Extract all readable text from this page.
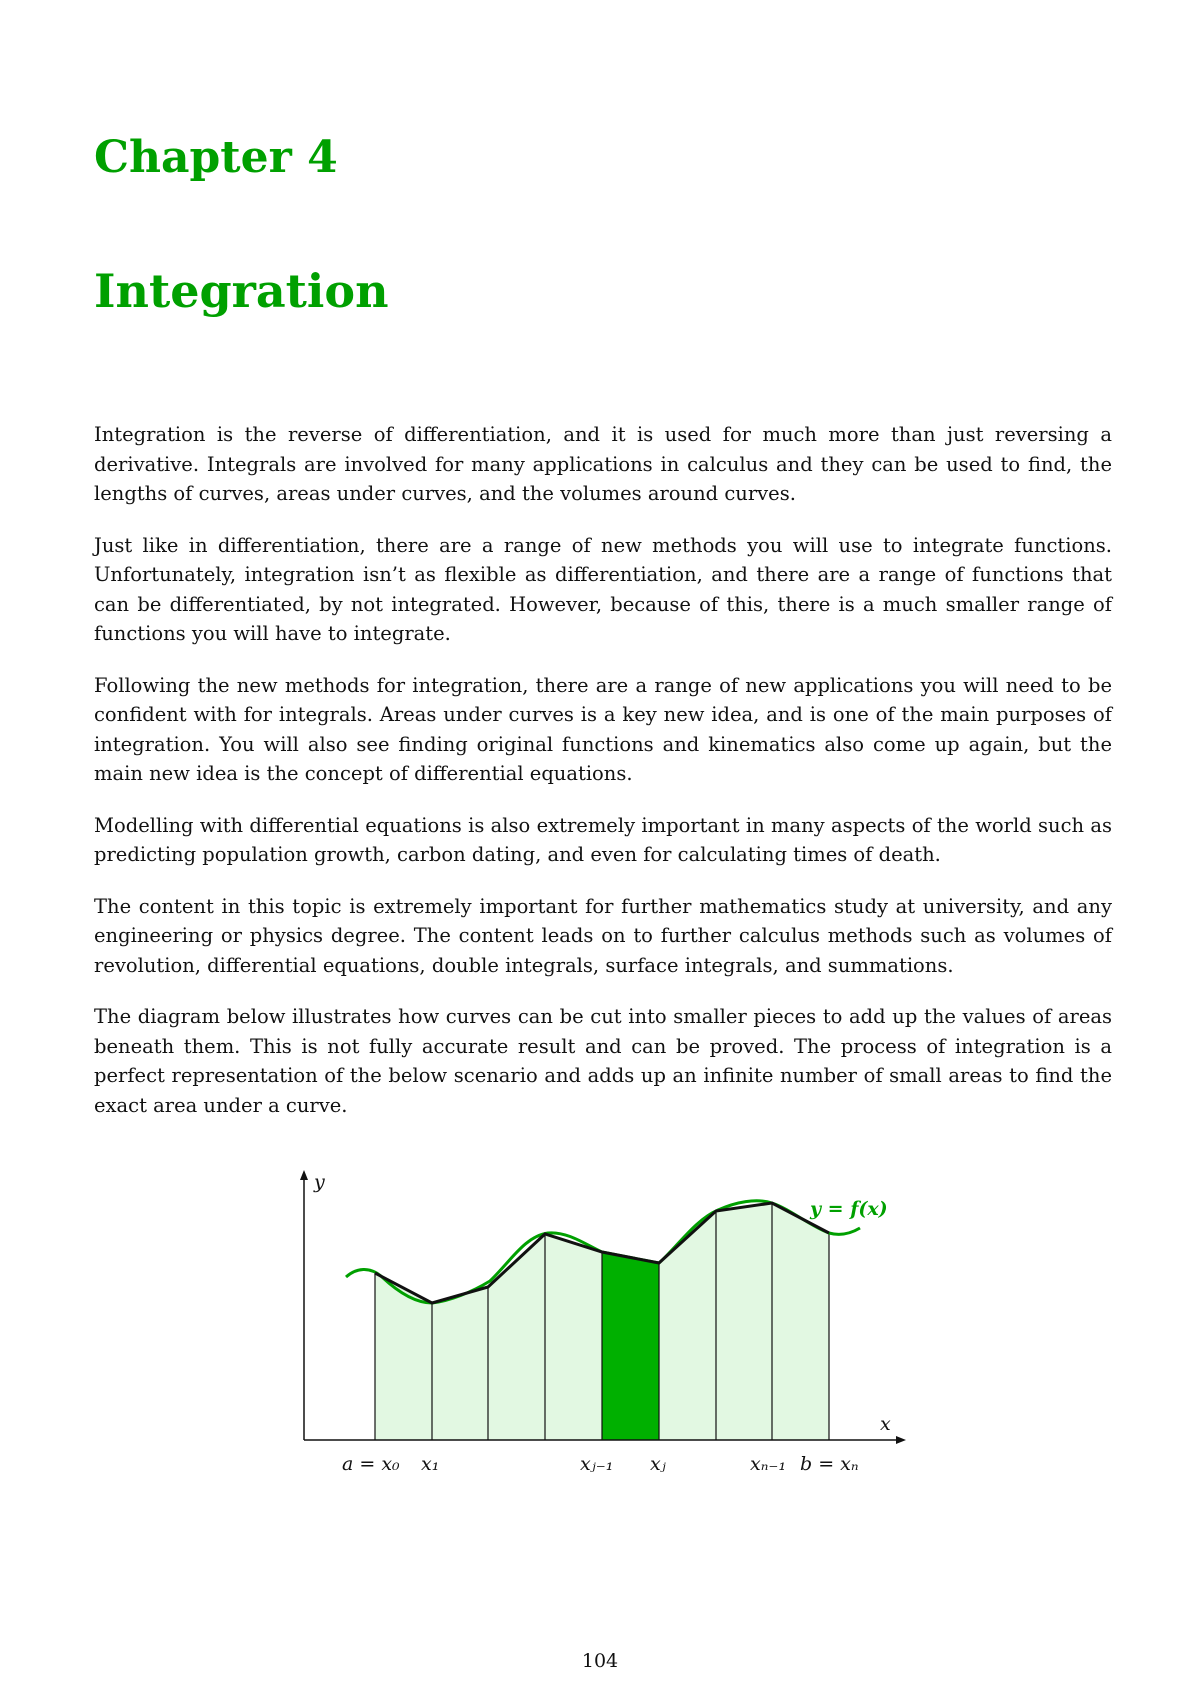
Chapter 4
Integration

Integration is the reverse of differentiation, and it is used for much more than just reversing a derivative. Integrals are involved for many applications in calculus and they can be used to find, the lengths of curves, areas under curves, and the volumes around curves.

Just like in differentiation, there are a range of new methods you will use to integrate functions. Unfortunately, integration isn’t as flexible as differentiation, and there are a range of functions that can be differentiated, by not integrated. However, because of this, there is a much smaller range of functions you will have to integrate.

Following the new methods for integration, there are a range of new applications you will need to be confident with for integrals. Areas under curves is a key new idea, and is one of the main purposes of integration. You will also see finding original functions and kinematics also come up again, but the main new idea is the concept of differential equations.

Modelling with differential equations is also extremely important in many aspects of the world such as predicting population growth, carbon dating, and even for calculating times of death.

The content in this topic is extremely important for further mathematics study at university, and any engineering or physics degree. The content leads on to further calculus methods such as volumes of revolution, differential equations, double integrals, surface integrals, and summations.

The diagram below illustrates how curves can be cut into smaller pieces to add up the values of areas beneath them. This is not fully accurate result and can be proved. The process of integration is a perfect representation of the below scenario and adds up an infinite number of small areas to find the exact area under a curve.

y
x
y = f(x)
a = x₀ x₁	xⱼ₋₁ xⱼ	xₙ₋₁ b = xₙ
104
